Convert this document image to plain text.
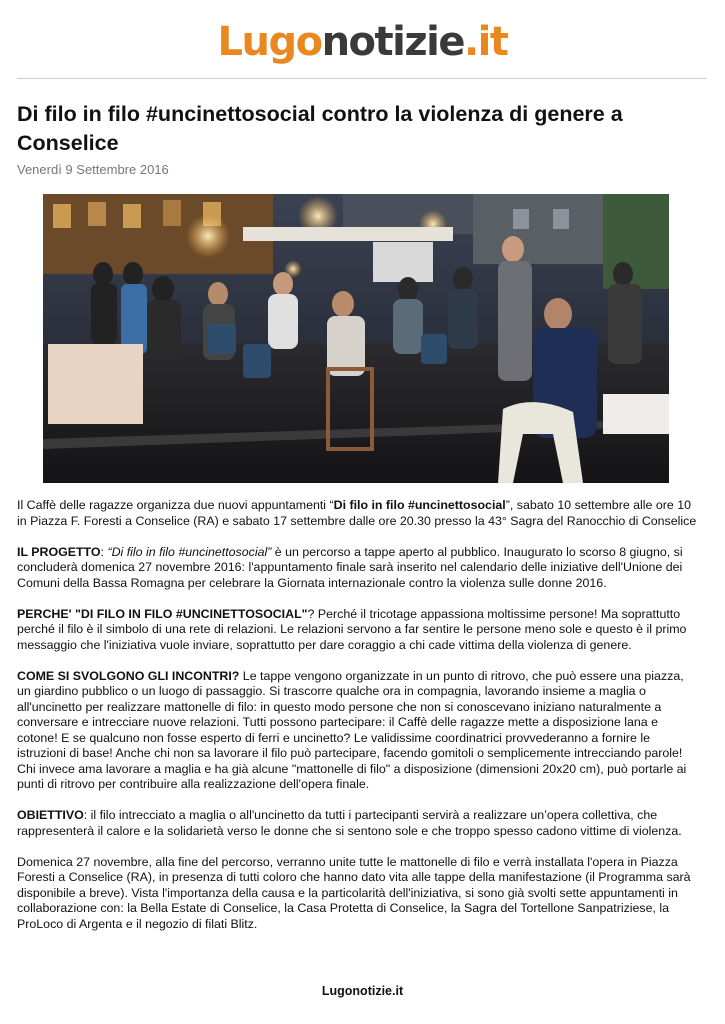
Lugonotizie.it
Di filo in filo #uncinettosocial contro la violenza di genere a Conselice
Venerdì 9 Settembre 2016

Il Caffè delle ragazze organizza due nuovi appuntamenti “Di filo in filo #uncinettosocial”, sabato 10 settembre alle ore 10 in Piazza F. Foresti a Conselice (RA) e sabato 17 settembre dalle ore 20.30 presso la 43° Sagra del Ranocchio di Conselice

IL PROGETTO: “Di filo in filo #uncinettosocial” è un percorso a tappe aperto al pubblico. Inaugurato lo scorso 8 giugno, si concluderà domenica 27 novembre 2016: l'appuntamento finale sarà inserito nel calendario delle iniziative dell'Unione dei Comuni della Bassa Romagna per celebrare la Giornata internazionale contro la violenza sulle donne 2016.

PERCHE' "DI FILO IN FILO #UNCINETTOSOCIAL"? Perché il tricotage appassiona moltissime persone! Ma soprattutto perché il filo è il simbolo di una rete di relazioni. Le relazioni servono a far sentire le persone meno sole e questo è il primo messaggio che l'iniziativa vuole inviare, soprattutto per dare coraggio a chi cade vittima della violenza di genere.

COME SI SVOLGONO GLI INCONTRI? Le tappe vengono organizzate in un punto di ritrovo, che può essere una piazza, un giardino pubblico o un luogo di passaggio. Si trascorre qualche ora in compagnia, lavorando insieme a maglia o all'uncinetto per realizzare mattonelle di filo: in questo modo persone che non si conoscevano iniziano naturalmente a conversare e intrecciare nuove relazioni. Tutti possono partecipare: il Caffè delle ragazze mette a disposizione lana e cotone! E se qualcuno non fosse esperto di ferri e uncinetto? Le validissime coordinatrici provvederanno a fornire le istruzioni di base! Anche chi non sa lavorare il filo può partecipare, facendo gomitoli o semplicemente intrecciando parole! Chi invece ama lavorare a maglia e ha già alcune "mattonelle di filo" a disposizione (dimensioni 20x20 cm), può portarle ai punti di ritrovo per contribuire alla realizzazione dell'opera finale.

OBIETTIVO: il filo intrecciato a maglia o all'uncinetto da tutti i partecipanti servirà a realizzare un’opera collettiva, che rappresenterà il calore e la solidarietà verso le donne che si sentono sole e che troppo spesso cadono vittime di violenza.

Domenica 27 novembre, alla fine del percorso, verranno unite tutte le mattonelle di filo e verrà installata l'opera in Piazza Foresti a Conselice (RA), in presenza di tutti coloro che hanno dato vita alle tappe della manifestazione (il Programma sarà disponibile a breve). Vista l'importanza della causa e la particolarità dell'iniziativa, si sono già svolti sette appuntamenti in collaborazione con: la Bella Estate di Conselice, la Casa Protetta di Conselice, la Sagra del Tortellone Sanpatriziese, la ProLoco di Argenta e il negozio di filati Blitz.

Lugonotizie.it
